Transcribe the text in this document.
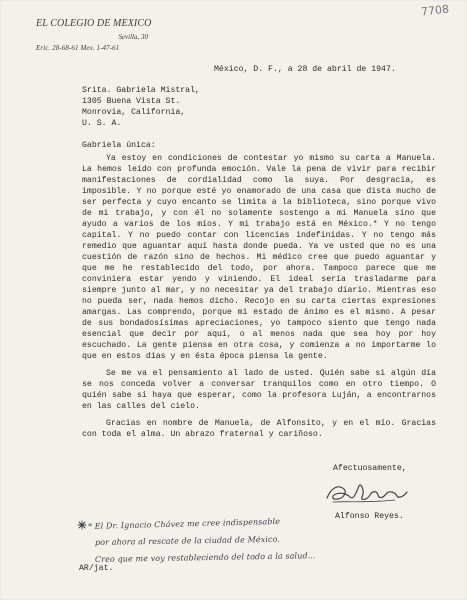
7708
EL COLEGIO DE MEXICO
Sevilla, 30
Eric. 28-68-61 Mex. 1-47-61
México, D. F., a 28 de abril de 1947.
Srita. Gabriela Mistral,
1305 Buena Vista St.
Monrovia, California,
U. S. A.
Gabriela única:

Ya estoy en condiciones de contestar yo mismo su carta a Manuela. La hemos leído con profunda emoción. Vale la pena de vivir para recibir manifestaciones de cordialidad como la suya. Por desgracia, es imposible. Y no porque esté yo enamorado de una casa que dista mucho de ser perfecta y cuyo encanto se limita a la biblioteca, sino porque vivo de mi trabajo, y con él no solamente sostengo a mi Manuela sino que ayudo a varios de los míos. Y mi trabajo está en México.* Y no tengo capital. Y no puedo contar con licencias indefinidas. Y no tengo más remedio que aguantar aquí hasta donde pueda. Ya ve usted que no es una cuestión de razón sino de hechos. Mi médico cree que puedo aguantar y que me he restablecido del todo, por ahora. Tampoco parece que me conviniera estar yendo y viniendo. El ideal sería trasladarme para siempre junto al mar, y no necesitar ya del trabajo diario. Mientras eso no pueda ser, nada hemos dicho. Recojo en su carta ciertas expresiones amargas. Las comprendo, porque mi estado de ánimo es el mismo. A pesar de sus bondadosísimas apreciaciones, yo tampoco siento que tengo nada esencial que decir por aquí, o al menos nada que sea hoy por hoy escuchado. La gente piensa en otra cosa, y comienza a no importarme lo que en estos días y en ésta época piensa la gente.

Se me va el pensamiento al lado de usted. Quién sabe si algún día se nos conceda volver a conversar tranquilos como en otro tiempo. O quién sabe si haya que esperar, como la profesora Luján, a encontrarnos en las calles del cielo.

Gracias en nombre de Manuela, de Alfonsito, y en el mío. Gracias con toda el alma. Un abrazo fraternal y cariñoso.

Afectuosamente,
Alfonso Reyes.
* El Dr. Ignacio Chávez me cree indispensable
por ahora al rescate de la ciudad de México.
Creo que me voy restableciendo del todo a la salud...
AR/jat.
